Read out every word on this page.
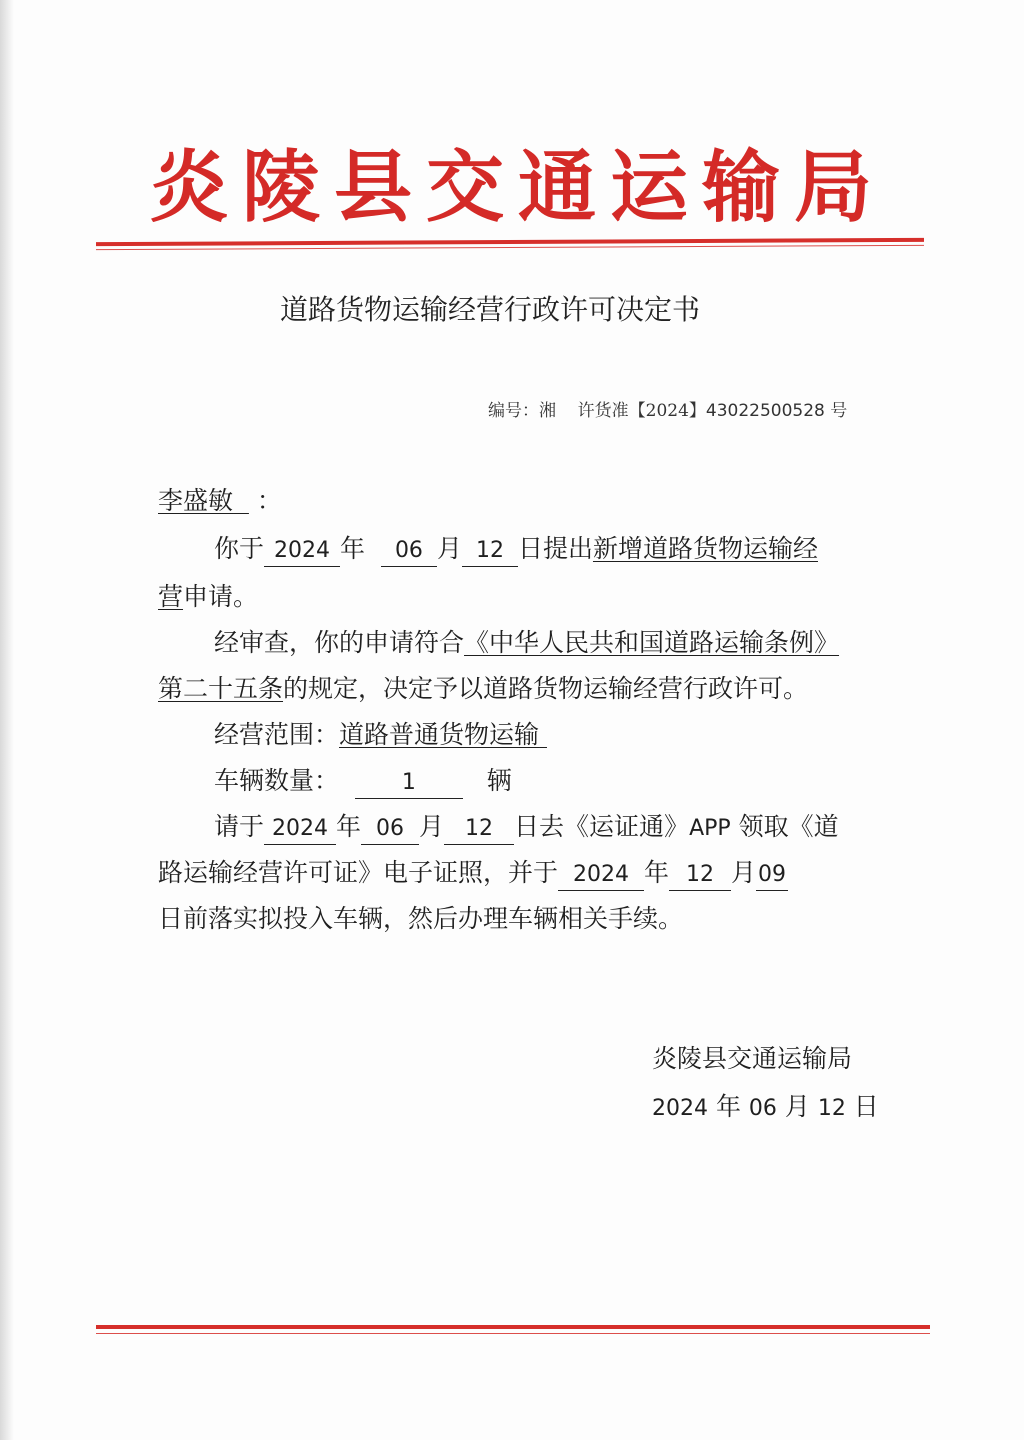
炎陵县交通运输局
道路货物运输经营行政许可决定书
编号：湘 许货准【2024】43022500528 号
李盛敏 ：
你于 2024 年 06 月 12 日提出新增道路货物运输经
营申请。
经审查，你的申请符合《中华人民共和国道路运输条例》
第二十五条的规定，决定予以道路货物运输经营行政许可。
经营范围：道路普通货物运输
车辆数量：	1	辆
请于 2024 年 06 月 12 日去《运证通》APP 领取《道
路运输经营许可证》电子证照，并于 2024 年 12 月09
日前落实拟投入车辆，然后办理车辆相关手续。
炎陵县交通运输局
2024 年 06 月 12 日
